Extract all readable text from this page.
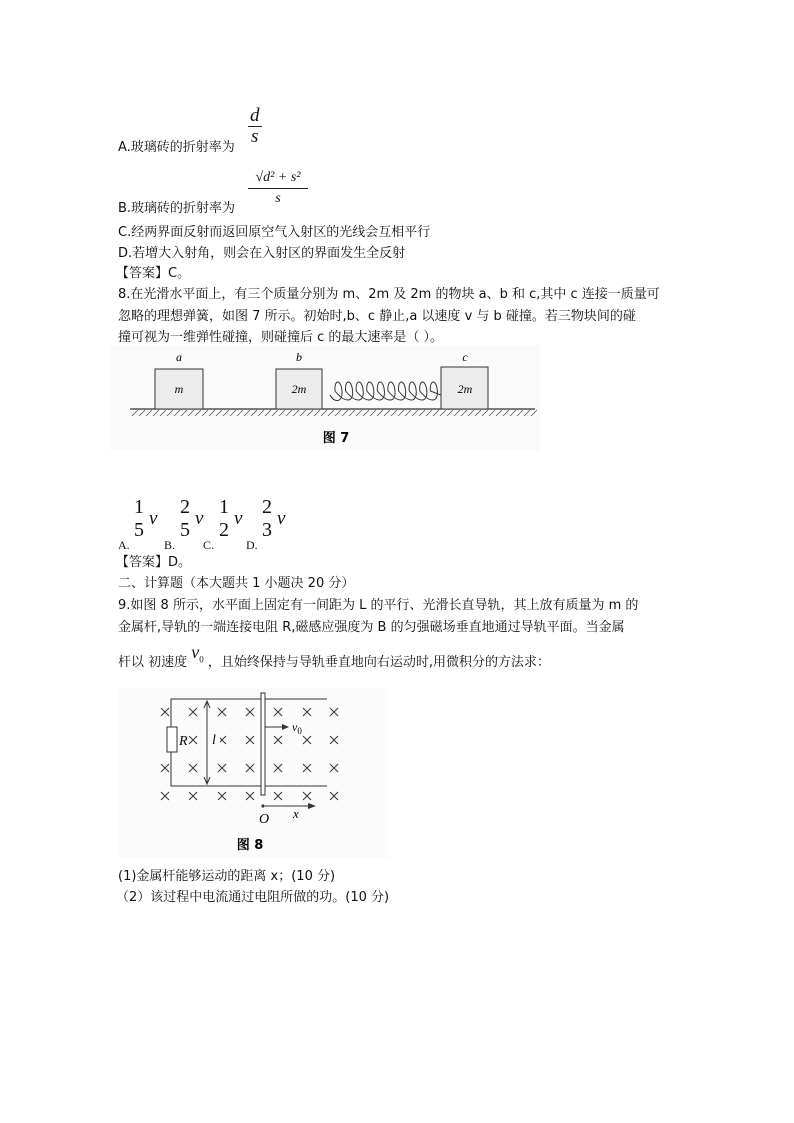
A.玻璃砖的折射率为
d
s
B.玻璃砖的折射率为
√d² + s²
s
C.经两界面反射而返回原空气入射区的光线会互相平行
D.若增大入射角，则会在入射区的界面发生全反射
【答案】C。
8.在光滑水平面上，有三个质量分别为 m、2m 及 2m 的物块 a、b 和 c,其中 c 连接一质量可
忽略的理想弹簧，如图 7 所示。初始时,b、c 静止,a 以速度 v 与 b 碰撞。若三物块间的碰
撞可视为一维弹性碰撞，则碰撞后 c 的最大速率是（ ）。
a
m
b
2m
c
2m
图 7
A.
1
5
v
B.
2
5
v
C.
1
2
v
D.
2
3
v
【答案】D。
二、计算题（本大题共 1 小题决 20 分）
9.如图 8 所示，水平面上固定有一间距为 L 的平行、光滑长直导轨，其上放有质量为 m 的
金属杆,导轨的一端连接电阻 R,磁感应强度为 B 的匀强磁场垂直地通过导轨平面。当金属
杆以 初速度 $v_0$ ，且始终保持与导轨垂直地向右运动时,用微积分的方法求：
R l
$v_0$
O x
图 8
(1)金属杆能够运动的距离 x；(10 分)
（2）该过程中电流通过电阻所做的功。(10 分)
